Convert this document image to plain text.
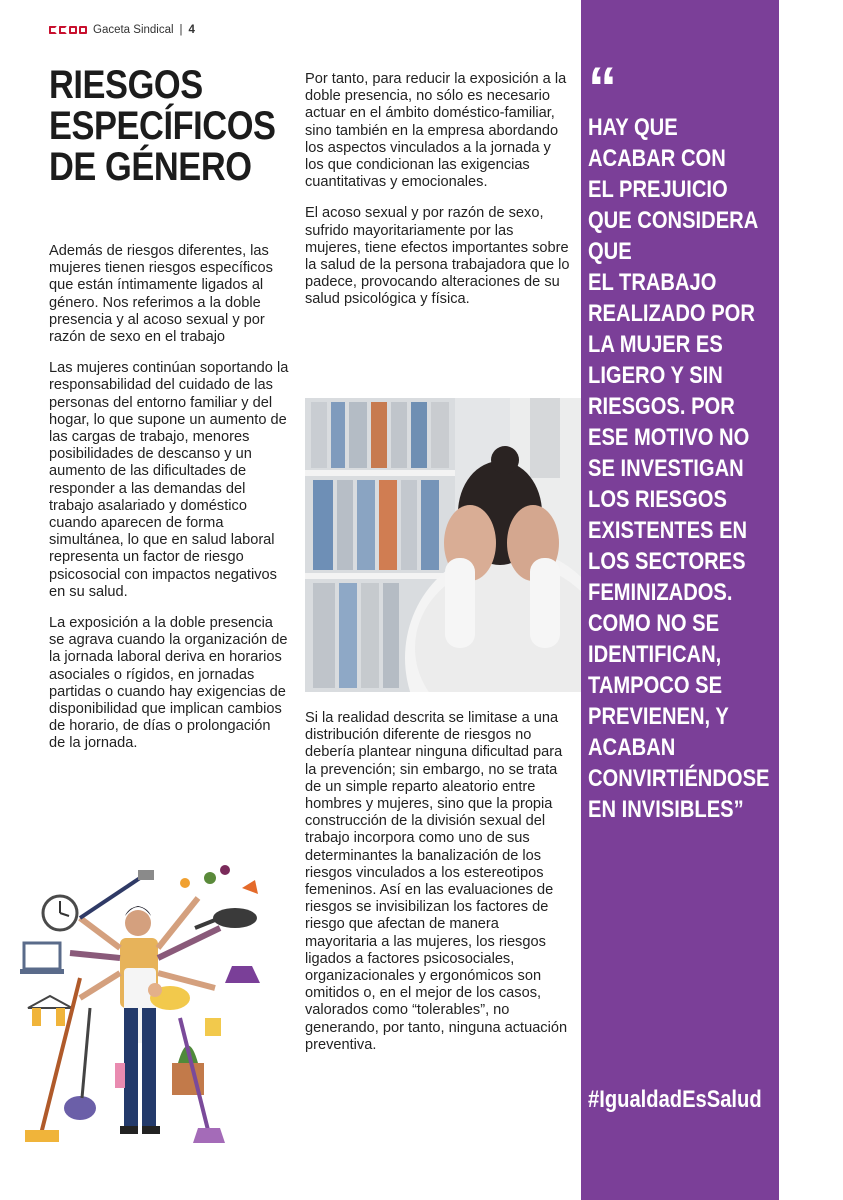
Gaceta Sindical | 4
RIESGOS
ESPECÍFICOS
DE GÉNERO

Además de riesgos diferentes, las mujeres tienen riesgos específicos que están íntimamente ligados al género. Nos referimos a la doble presencia y al acoso sexual y por razón de sexo en el trabajo

Las mujeres continúan soportando la responsabilidad del cuidado de las personas del entorno familiar y del hogar, lo que supone un aumento de las cargas de trabajo, menores posibilidades de descanso y un aumento de las dificultades de responder a las demandas del trabajo asalariado y doméstico cuando aparecen de forma simultánea, lo que en salud laboral representa un factor de riesgo psicosocial con impactos negativos en su salud.

La exposición a la doble presencia se agrava cuando la organización de la jornada laboral deriva en horarios asociales o rígidos, en jornadas partidas o cuando hay exigencias de disponibilidad que implican cambios de horario, de días o prolongación de la jornada.

Por tanto, para reducir la exposición a la doble presencia, no sólo es necesario actuar en el ámbito doméstico-familiar, sino también en la empresa abordando los aspectos vinculados a la jornada y los que condicionan las exigencias cuantitativas y emocionales.

El acoso sexual y por razón de sexo, sufrido mayoritariamente por las mujeres, tiene efectos importantes sobre la salud de la persona trabajadora que lo padece, provocando alteraciones de su salud psicológica y física.

Si la realidad descrita se limitase a una distribución diferente de riesgos no debería plantear ninguna dificultad para la prevención; sin embargo, no se trata de un simple reparto aleatorio entre hombres y mujeres, sino que la propia construcción de la división sexual del trabajo incorpora como uno de sus determinantes la banalización de los riesgos vinculados a los estereotipos femeninos. Así en las evaluaciones de riesgos se invisibilizan los factores de riesgo que afectan de manera mayoritaria a las mujeres, los riesgos ligados a factores psicosociales, organizacionales y ergonómicos son omitidos o, en el mejor de los casos, valorados como “tolerables”, no generando, por tanto, ninguna actuación preventiva.

“

HAY QUE
ACABAR CON
EL PREJUICIO
QUE CONSIDERA
QUE
EL TRABAJO
REALIZADO POR
LA MUJER ES
LIGERO Y SIN
RIESGOS. POR
ESE MOTIVO NO
SE INVESTIGAN
LOS RIESGOS
EXISTENTES EN
LOS SECTORES
FEMINIZADOS.
COMO NO SE
IDENTIFICAN,
TAMPOCO SE
PREVIENEN, Y
ACABAN
CONVIRTIÉNDOSE
EN INVISIBLES”

#IgualdadEsSalud
